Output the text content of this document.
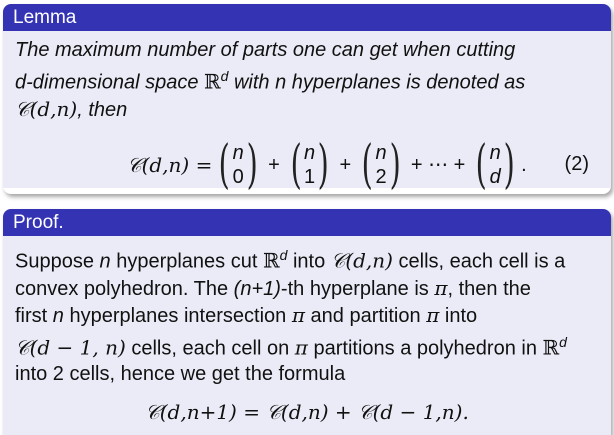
Lemma
The maximum number of parts one can get when cutting
d-dimensional space ℝ$^d$ with n hyperplanes is denoted as
𝒞(d,n), then
𝒞(d,n) = ( n
0 ) + ( n
1 ) + ( n
2 ) + ⋯ + ( n
d ) . (2)
Proof.
Suppose n hyperplanes cut ℝ$^d$ into 𝒞(d,n) cells, each cell is a
convex polyhedron. The (n+1)-th hyperplane is π, then the
first n hyperplanes intersection π and partition π into
𝒞(d − 1, n) cells, each cell on π partitions a polyhedron in ℝ$^d$
into 2 cells, hence we get the formula
𝒞(d,n+1) = 𝒞(d,n) + 𝒞(d − 1,n).
